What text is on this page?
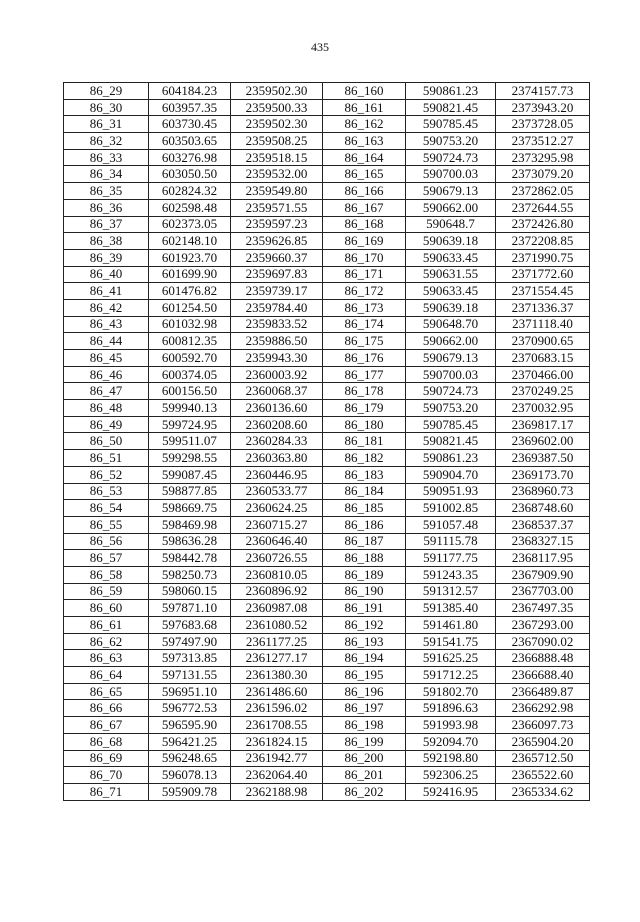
435
86_29	604184.23	2359502.30	86_160	590861.23	2374157.73
86_30	603957.35	2359500.33	86_161	590821.45	2373943.20
86_31	603730.45	2359502.30	86_162	590785.45	2373728.05
86_32	603503.65	2359508.25	86_163	590753.20	2373512.27
86_33	603276.98	2359518.15	86_164	590724.73	2373295.98
86_34	603050.50	2359532.00	86_165	590700.03	2373079.20
86_35	602824.32	2359549.80	86_166	590679.13	2372862.05
86_36	602598.48	2359571.55	86_167	590662.00	2372644.55
86_37	602373.05	2359597.23	86_168	590648.7	2372426.80
86_38	602148.10	2359626.85	86_169	590639.18	2372208.85
86_39	601923.70	2359660.37	86_170	590633.45	2371990.75
86_40	601699.90	2359697.83	86_171	590631.55	2371772.60
86_41	601476.82	2359739.17	86_172	590633.45	2371554.45
86_42	601254.50	2359784.40	86_173	590639.18	2371336.37
86_43	601032.98	2359833.52	86_174	590648.70	2371118.40
86_44	600812.35	2359886.50	86_175	590662.00	2370900.65
86_45	600592.70	2359943.30	86_176	590679.13	2370683.15
86_46	600374.05	2360003.92	86_177	590700.03	2370466.00
86_47	600156.50	2360068.37	86_178	590724.73	2370249.25
86_48	599940.13	2360136.60	86_179	590753.20	2370032.95
86_49	599724.95	2360208.60	86_180	590785.45	2369817.17
86_50	599511.07	2360284.33	86_181	590821.45	2369602.00
86_51	599298.55	2360363.80	86_182	590861.23	2369387.50
86_52	599087.45	2360446.95	86_183	590904.70	2369173.70
86_53	598877.85	2360533.77	86_184	590951.93	2368960.73
86_54	598669.75	2360624.25	86_185	591002.85	2368748.60
86_55	598469.98	2360715.27	86_186	591057.48	2368537.37
86_56	598636.28	2360646.40	86_187	591115.78	2368327.15
86_57	598442.78	2360726.55	86_188	591177.75	2368117.95
86_58	598250.73	2360810.05	86_189	591243.35	2367909.90
86_59	598060.15	2360896.92	86_190	591312.57	2367703.00
86_60	597871.10	2360987.08	86_191	591385.40	2367497.35
86_61	597683.68	2361080.52	86_192	591461.80	2367293.00
86_62	597497.90	2361177.25	86_193	591541.75	2367090.02
86_63	597313.85	2361277.17	86_194	591625.25	2366888.48
86_64	597131.55	2361380.30	86_195	591712.25	2366688.40
86_65	596951.10	2361486.60	86_196	591802.70	2366489.87
86_66	596772.53	2361596.02	86_197	591896.63	2366292.98
86_67	596595.90	2361708.55	86_198	591993.98	2366097.73
86_68	596421.25	2361824.15	86_199	592094.70	2365904.20
86_69	596248.65	2361942.77	86_200	592198.80	2365712.50
86_70	596078.13	2362064.40	86_201	592306.25	2365522.60
86_71	595909.78	2362188.98	86_202	592416.95	2365334.62
